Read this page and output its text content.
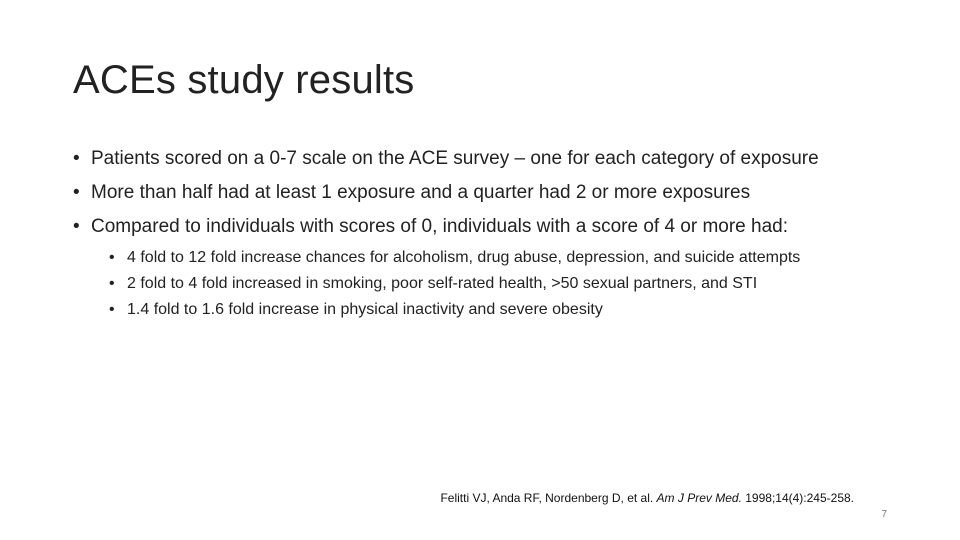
ACEs study results
• Patients scored on a 0-7 scale on the ACE survey – one for each category of exposure
• More than half had at least 1 exposure and a quarter had 2 or more exposures
• Compared to individuals with scores of 0, individuals with a score of 4 or more had:
• 4 fold to 12 fold increase chances for alcoholism, drug abuse, depression, and suicide attempts
• 2 fold to 4 fold increased in smoking, poor self-rated health, >50 sexual partners, and STI
• 1.4 fold to 1.6 fold increase in physical inactivity and severe obesity
Felitti VJ, Anda RF, Nordenberg D, et al. Am J Prev Med. 1998;14(4):245-258.
7
